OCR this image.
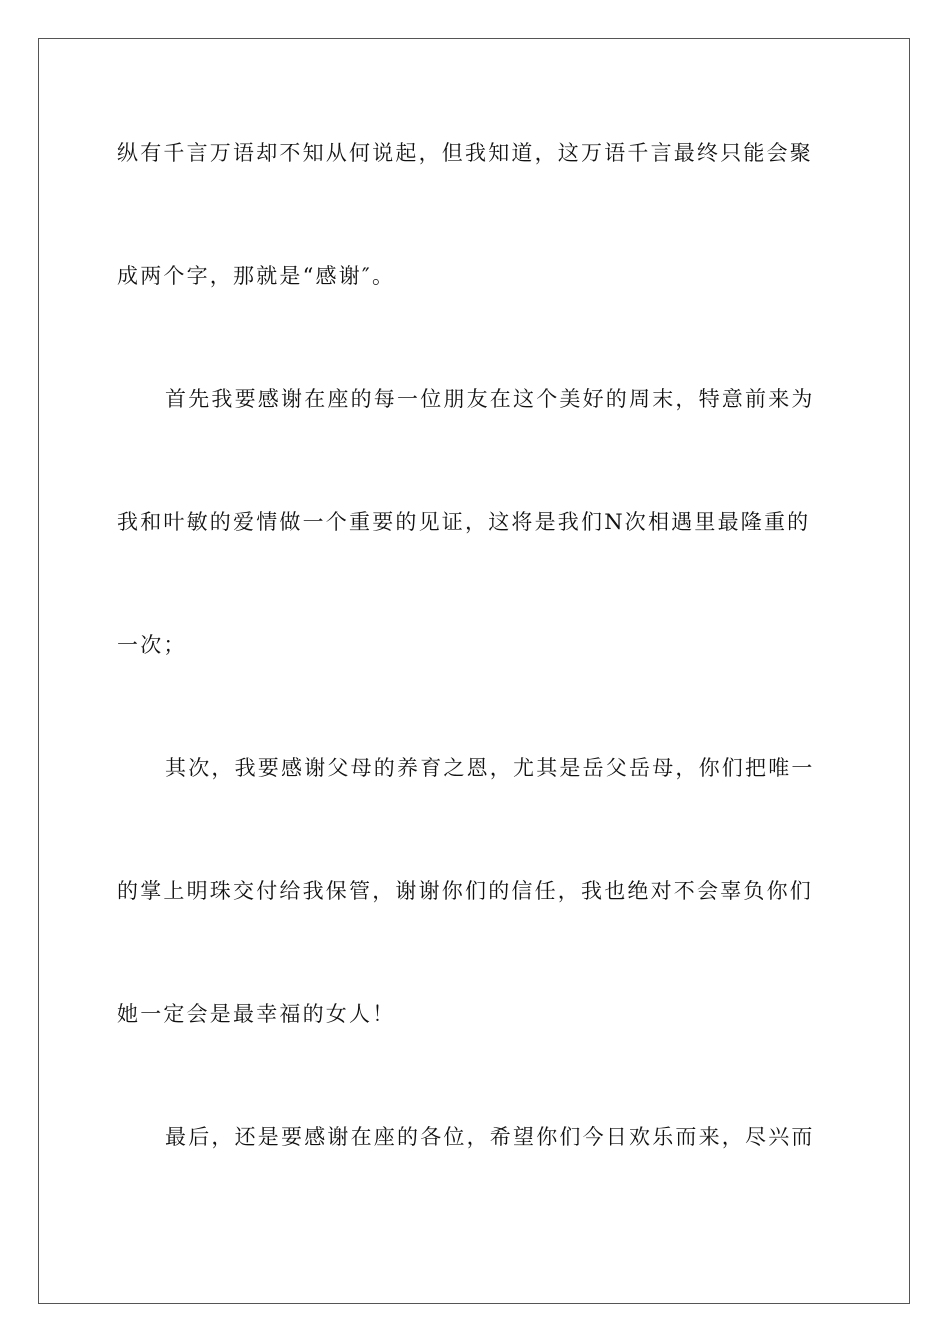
纵有千言万语却不知从何说起，但我知道，这万语千言最终只能会聚
成两个字，那就是“感谢″。
首先我要感谢在座的每一位朋友在这个美好的周末，特意前来为
我和叶敏的爱情做一个重要的见证，这将是我们N次相遇里最隆重的
一次；
其次，我要感谢父母的养育之恩，尤其是岳父岳母，你们把唯一
的掌上明珠交付给我保管，谢谢你们的信任，我也绝对不会辜负你们
她一定会是最幸福的女人！
最后，还是要感谢在座的各位，希望你们今日欢乐而来，尽兴而
